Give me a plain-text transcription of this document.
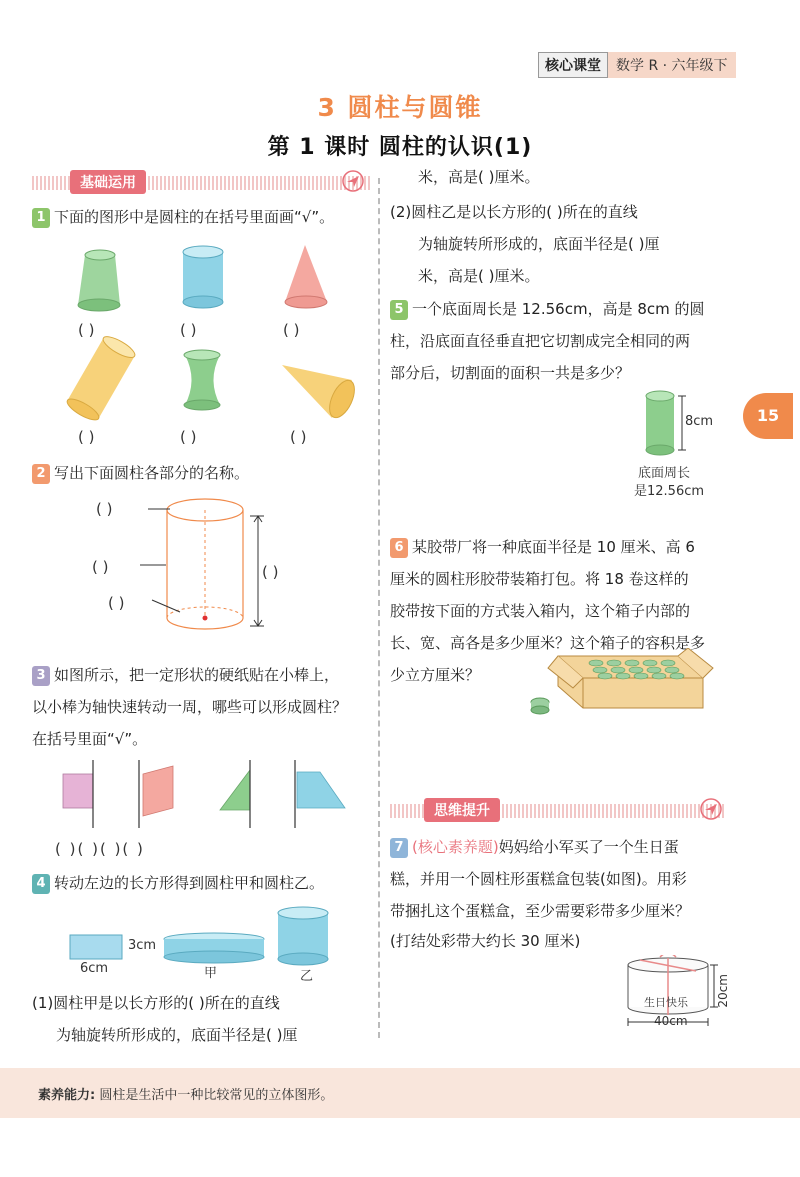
核心课堂	数学 R · 六年级下
3 圆柱与圆锥
第 1 课时 圆柱的认识(1)
15
基础运用
1 下面的图形中是圆柱的在括号里面画“√”。
( )	( )	( )
( )	( )	( )
2 写出下面圆柱各部分的名称。
( )
( )
( )
( )
3 如图所示，把一定形状的硬纸贴在小棒上，
以小棒为轴快速转动一周，哪些可以形成圆柱？
在括号里面“√”。
( )( )( )( )
4 转动左边的长方形得到圆柱甲和圆柱乙。
3cm
6cm	甲	乙
(1)圆柱甲是以长方形的( )所在的直线
为轴旋转所形成的，底面半径是( )厘
米，高是( )厘米。
(2)圆柱乙是以长方形的( )所在的直线
为轴旋转所形成的，底面半径是( )厘
米，高是( )厘米。
5 一个底面周长是 12.56cm，高是 8cm 的圆
柱，沿底面直径垂直把它切割成完全相同的两
部分后，切割面的面积一共是多少？
8cm
底面周长
是12.56cm
6 某胶带厂将一种底面半径是 10 厘米、高 6
厘米的圆柱形胶带装箱打包。将 18 卷这样的
胶带按下面的方式装入箱内，这个箱子内部的
长、宽、高各是多少厘米？这个箱子的容积是多
少立方厘米？
思维提升
7 (核心素养题)妈妈给小军买了一个生日蛋
糕，并用一个圆柱形蛋糕盒包装(如图)。用彩
带捆扎这个蛋糕盒，至少需要彩带多少厘米？
(打结处彩带大约长 30 厘米)
生日快乐 20cm
40cm
素养能力: 圆柱是生活中一种比较常见的立体图形。
